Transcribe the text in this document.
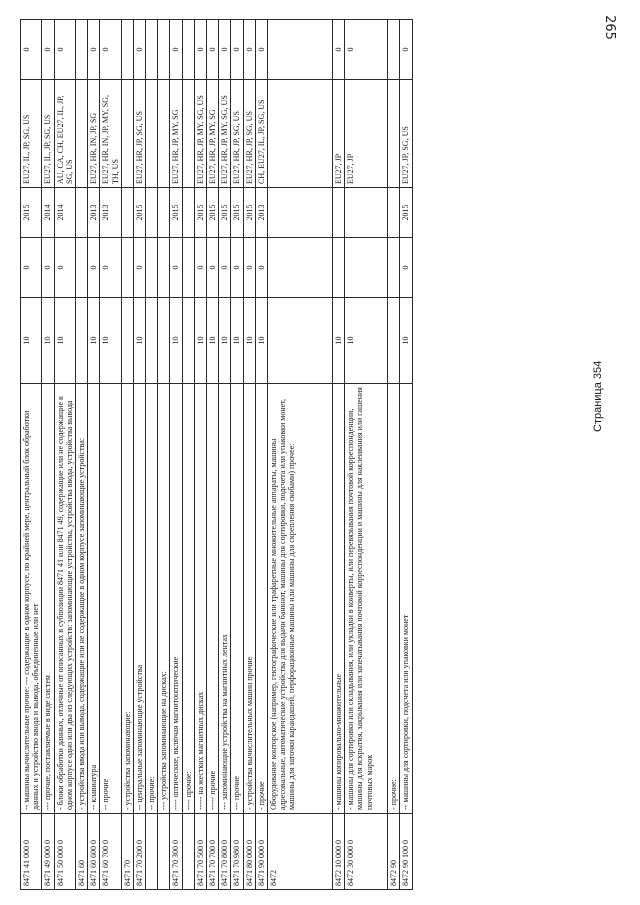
265
Страница 354
8471 41 000 0	-- машины вычислительные прочие: --- содержащие в одном корпусе, по крайней мере, центральный блок обработки данных и устройство ввода и вывода, объединенные или нет	10	0	2015	EU27, IL, JP, SG, US	0
8471 49 000 0	--- прочие, поставляемые в виде систем	10	0	2014	EU27, IL, JP, SG, US	0
8471 50 000 0	- блоки обработки данных, отличные от описанных в субпозиции 8471 41 или 8471 49, содержащие или не содержащие в одном корпусе одно или два из следующих устройств: запоминающие устройства, устройства ввода, устройства вывода	10	0	2014	AU, CA, CH, EU27, IL, JP, SG, US	0
8471 60	- устройства ввода или вывода, содержащие или не содержащие в одном корпусе запоминающие устройства:					
8471 60 600 0	-- клавиатура	10	0	2013	EU27, HR, IN, JP, SG	0
8471 60 700 0	-- прочие	10	0	2013	EU27, HR, IN, JP, MY, SG, TH, US	0
8471 70	- устройства запоминающие:					
8471 70 200 0	-- центральные запоминающие устройства	10	0	2015	EU27, HR, JP, SG, US	0
	-- прочие:					
	--- устройства запоминающие на дисках:					
8471 70 300 0	---- оптические, включая магнитооптические	10	0	2015	EU27, HR, JP, MY, SG	0
	---- прочие:					
8471 70 500 0	----- на жестких магнитных дисках	10	0	2015	EU27, HR, JP, MY, SG, US	0
8471 70 700 0	----- прочие	10	0	2015	EU27, HR, JP, MY, SG	0
8471 70 800 0	--- запоминающие устройства на магнитных лентах	10	0	2015	EU27, HR, JP, MY, SG, US	0
8471 70 980 0	--- прочие	10	0	2015	EU27, HR, JP, SG, US	0
8471 80 000 0	- устройства вычислительных машин прочие	10	0	2015	EU27, HR, JP, SG, US	0
8471 90 000 0	- прочие	10	0	2013	CH, EU27, IL, JP, SG, US	0
8472	Оборудование конторское (например, гектографические или трафаретные множительные аппараты, машины адресовальные, автоматические устройства для выдачи банкнот, машины для сортировки, подсчета или упаковки монет, машины для заточки карандашей, перфорационные машины или машины для скрепления скобами) прочее:					
8472 10 000 0	- машины копировально-множительные	10			EU27, JP	0
8472 30 000 0	- машины для сортировки или складывания, или укладки в конверты, или перевязывания почтовой корреспонденции, машины для вскрытия, закрывания или запечатывания почтовой корреспонденции и машины для наклеивания или гашения почтовых марок	10			EU27, JP	0
8472 90	- прочие:					
8472 90 100 0	-- машины для сортировки, подсчета или упаковки монет	10	0	2015	EU27, JP, SG, US	0
